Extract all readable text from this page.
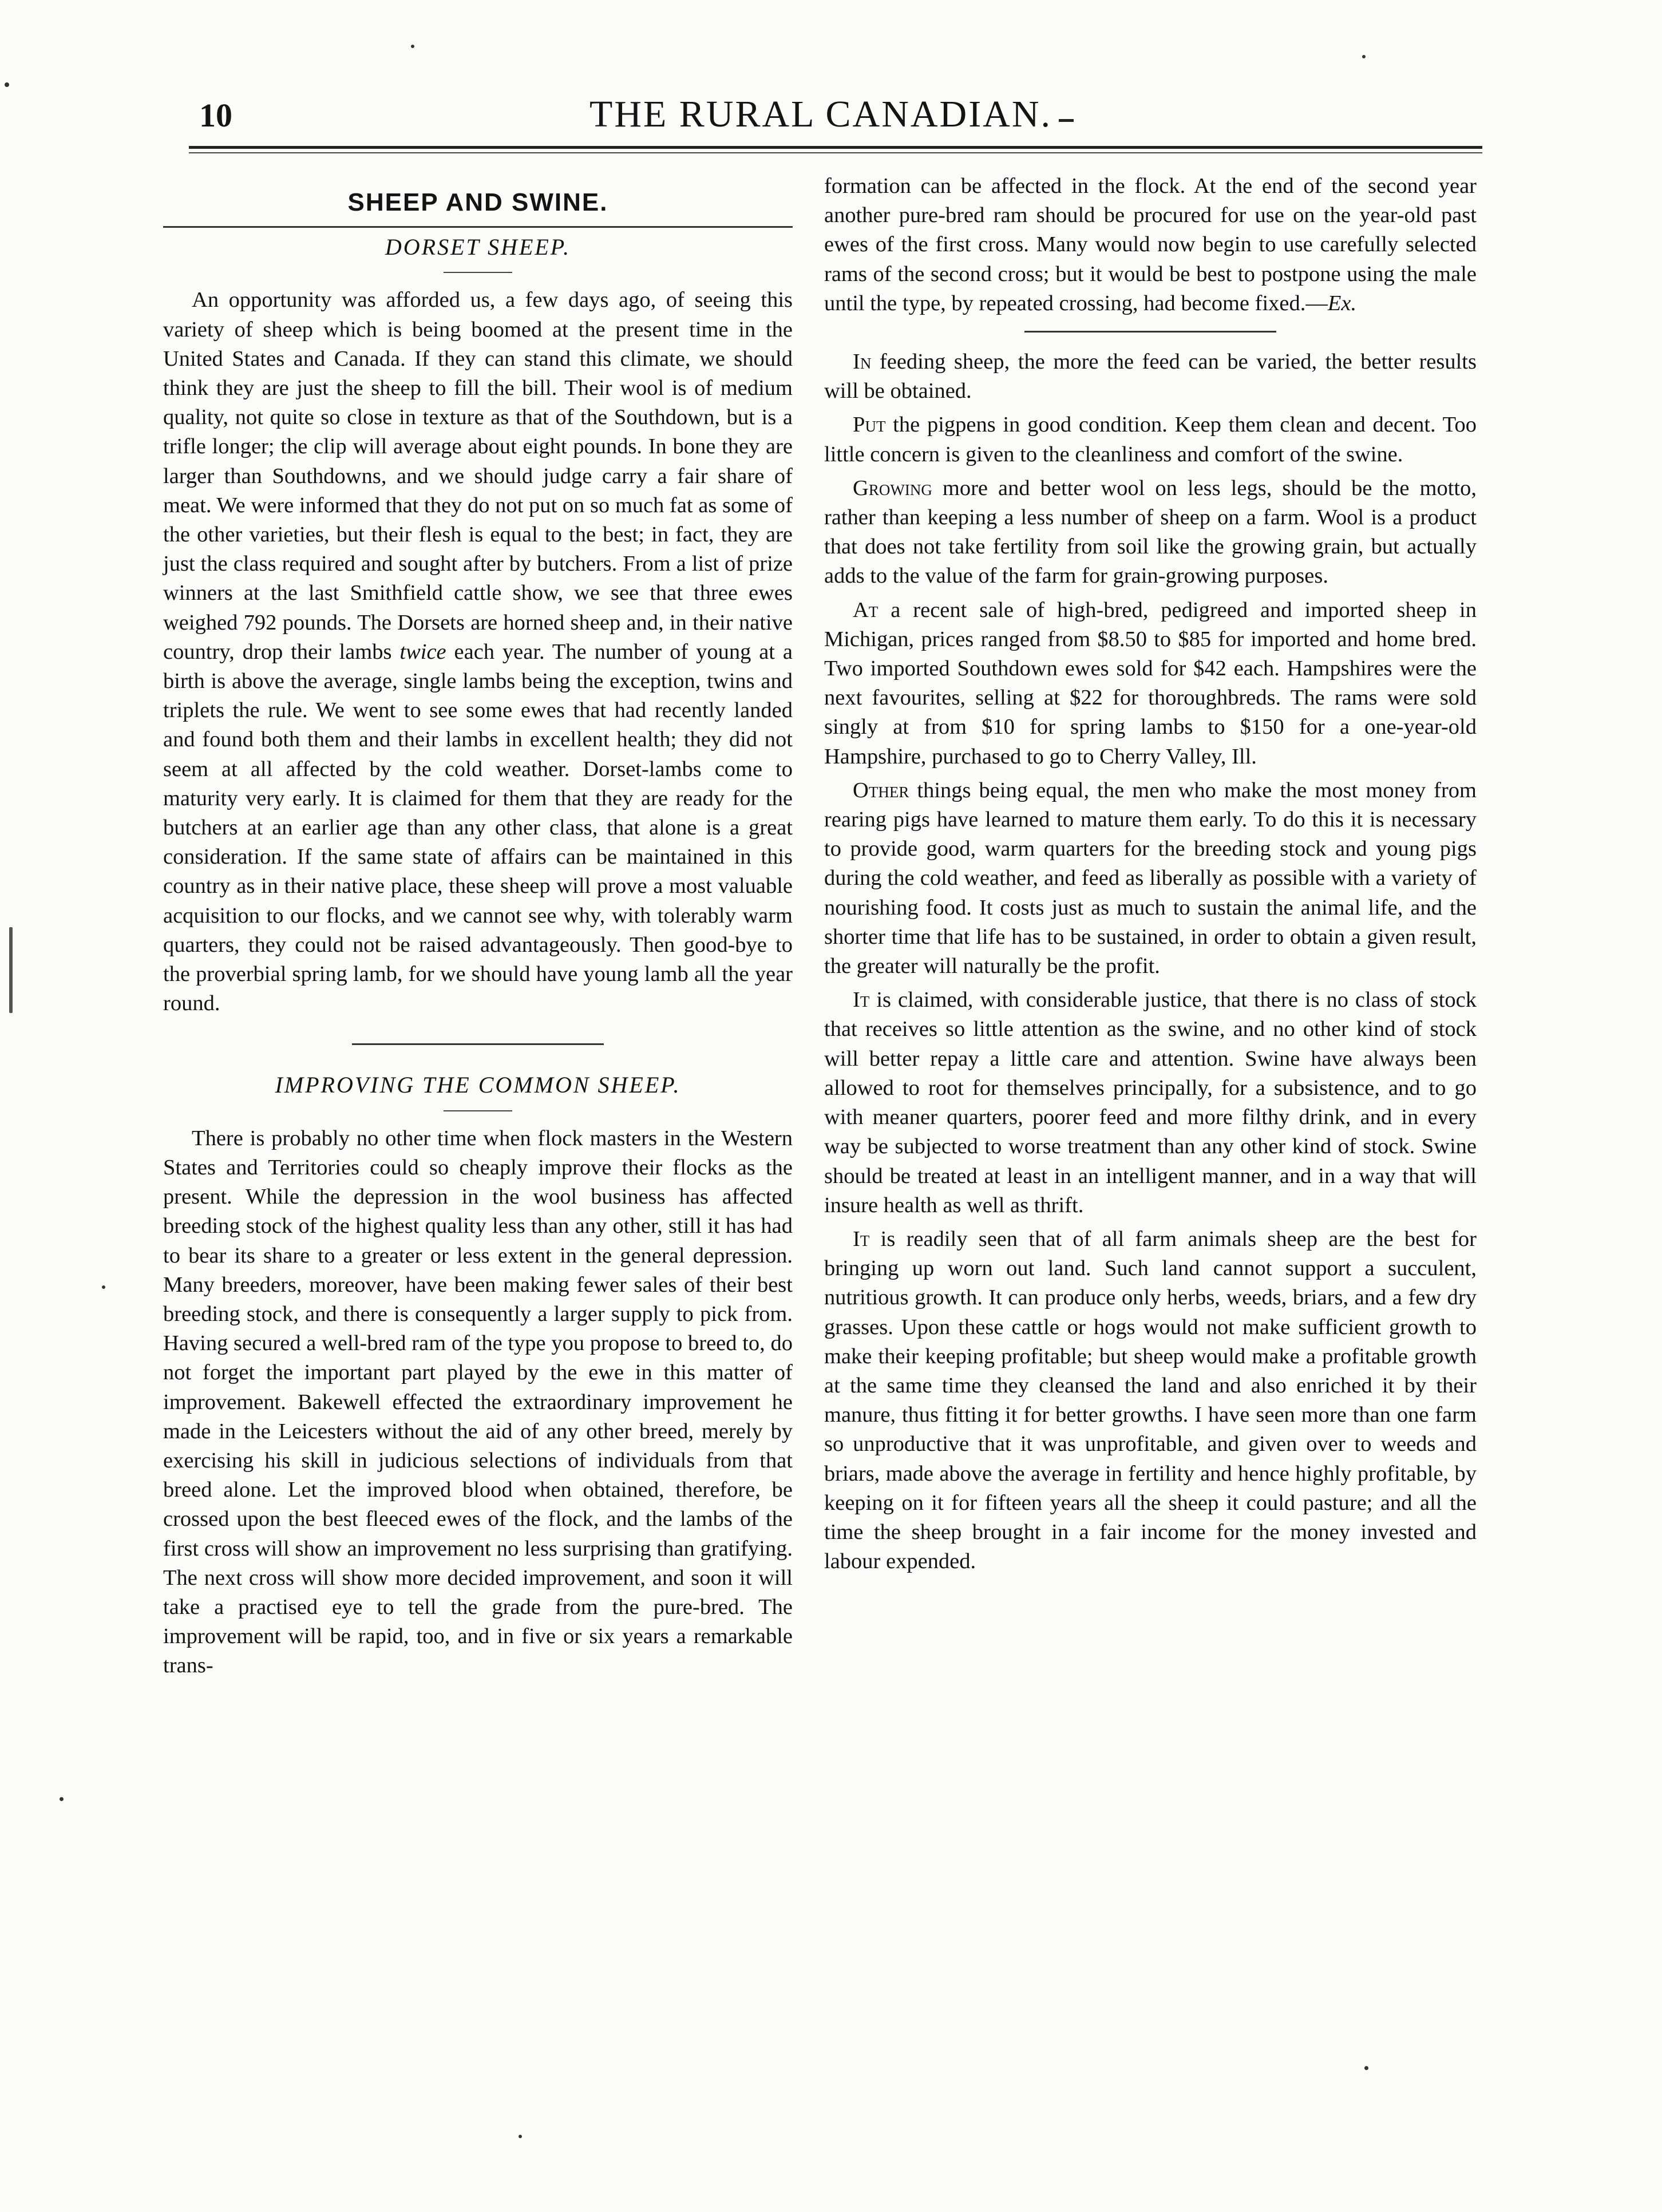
10	THE RURAL CANADIAN.
SHEEP AND SWINE.
DORSET SHEEP.

An opportunity was afforded us, a few days ago, of seeing this variety of sheep which is being boomed at the present time in the United States and Canada. If they can stand this climate, we should think they are just the sheep to fill the bill. Their wool is of medium quality, not quite so close in texture as that of the Southdown, but is a trifle longer; the clip will average about eight pounds. In bone they are larger than Southdowns, and we should judge carry a fair share of meat. We were informed that they do not put on so much fat as some of the other varieties, but their flesh is equal to the best; in fact, they are just the class required and sought after by butchers. From a list of prize winners at the last Smithfield cattle show, we see that three ewes weighed 792 pounds. The Dorsets are horned sheep and, in their native country, drop their lambs twice each year. The number of young at a birth is above the average, single lambs being the exception, twins and triplets the rule. We went to see some ewes that had recently landed and found both them and their lambs in excellent health; they did not seem at all affected by the cold weather. Dorset-lambs come to maturity very early. It is claimed for them that they are ready for the butchers at an earlier age than any other class, that alone is a great consideration. If the same state of affairs can be maintained in this country as in their native place, these sheep will prove a most valuable acquisition to our flocks, and we cannot see why, with tolerably warm quarters, they could not be raised advantageously. Then good-bye to the proverbial spring lamb, for we should have young lamb all the year round.

IMPROVING THE COMMON SHEEP.

There is probably no other time when flock masters in the Western States and Territories could so cheaply improve their flocks as the present. While the depression in the wool business has affected breeding stock of the highest quality less than any other, still it has had to bear its share to a greater or less extent in the general depression. Many breeders, moreover, have been making fewer sales of their best breeding stock, and there is consequently a larger supply to pick from. Having secured a well-bred ram of the type you propose to breed to, do not forget the important part played by the ewe in this matter of improvement. Bakewell effected the extraordinary improvement he made in the Leicesters without the aid of any other breed, merely by exercising his skill in judicious selections of individuals from that breed alone. Let the improved blood when obtained, therefore, be crossed upon the best fleeced ewes of the flock, and the lambs of the first cross will show an improvement no less surprising than gratifying. The next cross will show more decided improvement, and soon it will take a practised eye to tell the grade from the pure-bred. The improvement will be rapid, too, and in five or six years a remarkable trans-

formation can be affected in the flock. At the end of the second year another pure-bred ram should be procured for use on the year-old past ewes of the first cross. Many would now begin to use carefully selected rams of the second cross; but it would be best to postpone using the male until the type, by repeated crossing, had become fixed.—Ex.

In feeding sheep, the more the feed can be varied, the better results will be obtained.

Put the pigpens in good condition. Keep them clean and decent. Too little concern is given to the cleanliness and comfort of the swine.

Growing more and better wool on less legs, should be the motto, rather than keeping a less number of sheep on a farm. Wool is a product that does not take fertility from soil like the growing grain, but actually adds to the value of the farm for grain-growing purposes.

At a recent sale of high-bred, pedigreed and imported sheep in Michigan, prices ranged from $8.50 to $85 for imported and home bred. Two imported Southdown ewes sold for $42 each. Hampshires were the next favourites, selling at $22 for thoroughbreds. The rams were sold singly at from $10 for spring lambs to $150 for a one-year-old Hampshire, purchased to go to Cherry Valley, Ill.

Other things being equal, the men who make the most money from rearing pigs have learned to mature them early. To do this it is necessary to provide good, warm quarters for the breeding stock and young pigs during the cold weather, and feed as liberally as possible with a variety of nourishing food. It costs just as much to sustain the animal life, and the shorter time that life has to be sustained, in order to obtain a given result, the greater will naturally be the profit.

It is claimed, with considerable justice, that there is no class of stock that receives so little attention as the swine, and no other kind of stock will better repay a little care and attention. Swine have always been allowed to root for themselves principally, for a subsistence, and to go with meaner quarters, poorer feed and more filthy drink, and in every way be subjected to worse treatment than any other kind of stock. Swine should be treated at least in an intelligent manner, and in a way that will insure health as well as thrift.

It is readily seen that of all farm animals sheep are the best for bringing up worn out land. Such land cannot support a succulent, nutritious growth. It can produce only herbs, weeds, briars, and a few dry grasses. Upon these cattle or hogs would not make sufficient growth to make their keeping profitable; but sheep would make a profitable growth at the same time they cleansed the land and also enriched it by their manure, thus fitting it for better growths. I have seen more than one farm so unproductive that it was unprofitable, and given over to weeds and briars, made above the average in fertility and hence highly profitable, by keeping on it for fifteen years all the sheep it could pasture; and all the time the sheep brought in a fair income for the money invested and labour expended.
